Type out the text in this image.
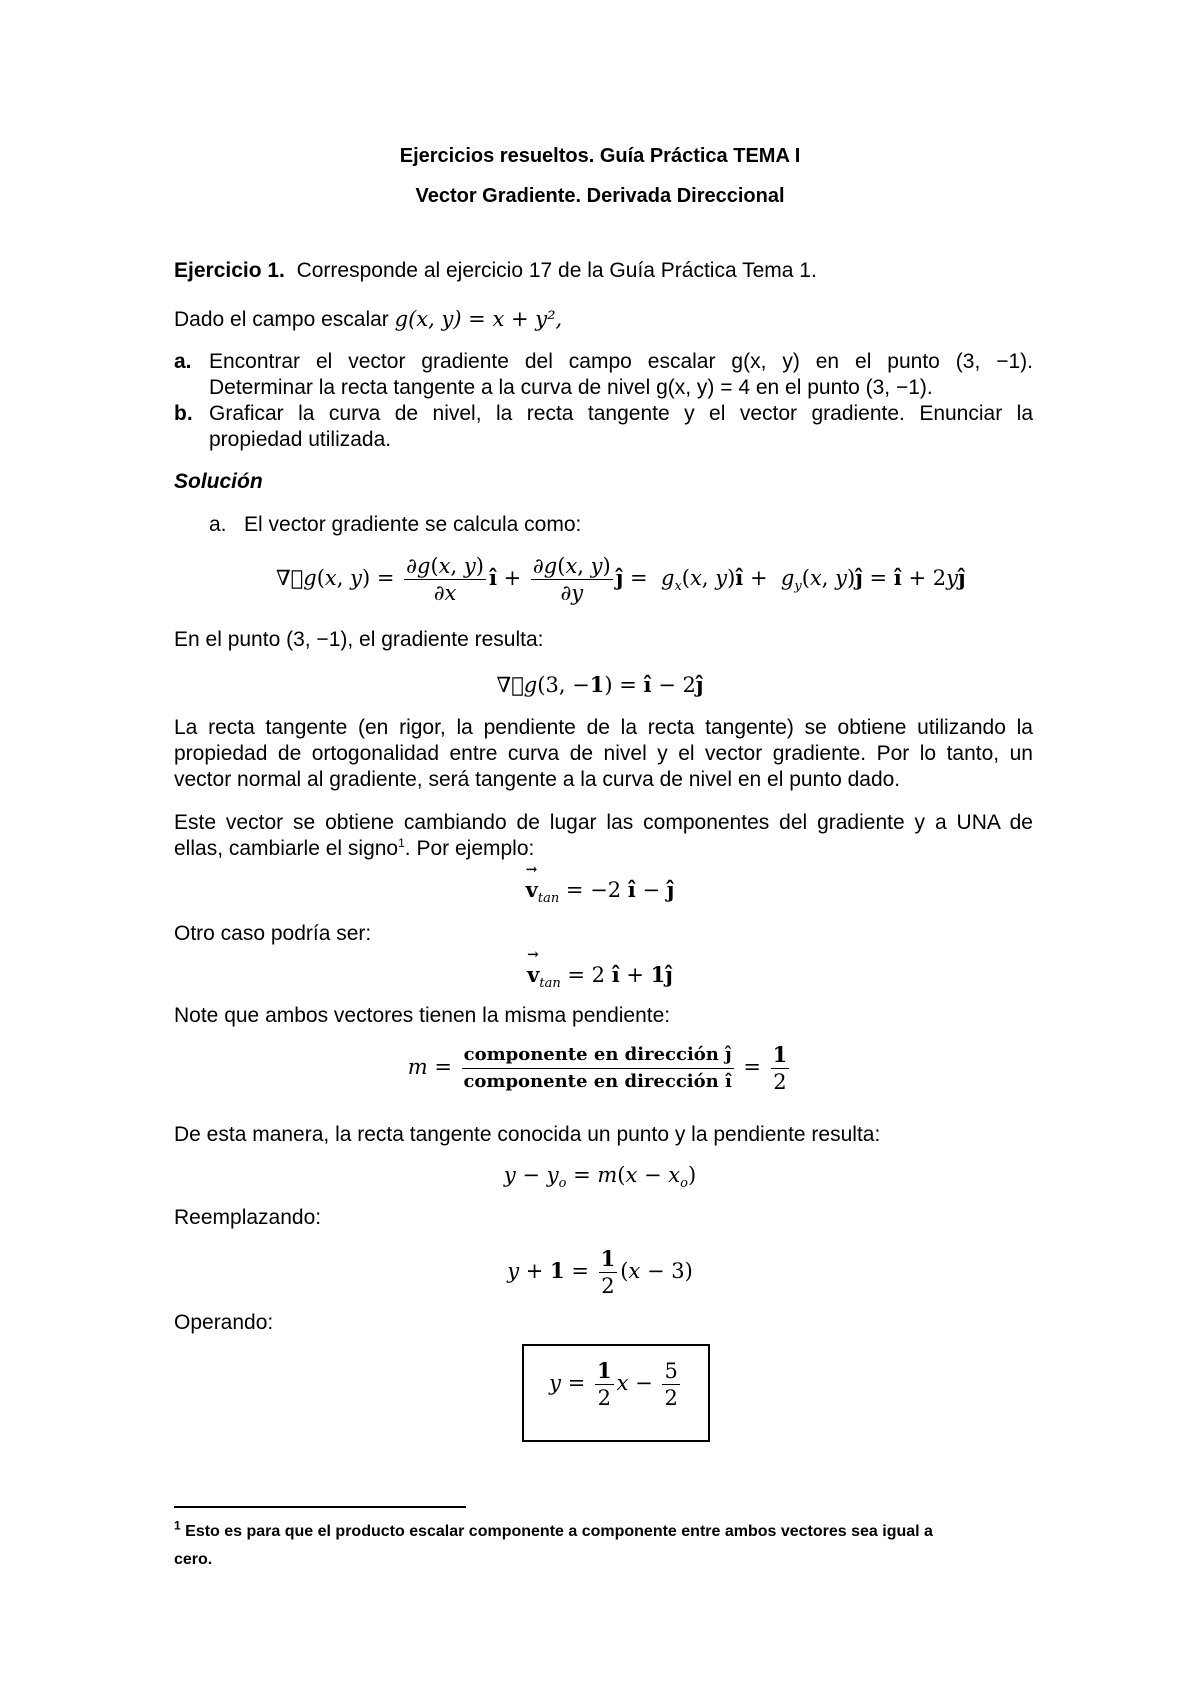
Ejercicios resueltos. Guía Práctica TEMA I
Vector Gradiente. Derivada Direccional
Ejercicio 1. Corresponde al ejercicio 17 de la Guía Práctica Tema 1.
Dado el campo escalar g(x, y) = x + y²,
a. Encontrar el vector gradiente del campo escalar g(x, y) en el punto (3, −1).
Determinar la recta tangente a la curva de nivel g(x, y) = 4 en el punto (3, −1).
b. Graficar la curva de nivel, la recta tangente y el vector gradiente. Enunciar la
propiedad utilizada.
Solución
a. El vector gradiente se calcula como:
∇⃗g(x, $y) = \frac{\partial g(x, y)}{\partial x}$ î + $\frac{\partial g(x, y)}{\partial y}$ ĵ =  $g_x(x$, y)î +  $g_y(x$, y)ĵ = î + 2yĵ
En el punto (3, −1), el gradiente resulta:
∇⃗g(3, −1) = î − 2ĵ
La recta tangente (en rigor, la pendiente de la recta tangente) se obtiene utilizando la
propiedad de ortogonalidad entre curva de nivel y el vector gradiente. Por lo tanto, un
vector normal al gradiente, será tangente a la curva de nivel en el punto dado.
Este vector se obtiene cambiando de lugar las componentes del gradiente y a UNA de
ellas, cambiarle el signo$^1$. Por ejemplo:
→ $v_{tan} = -2$ î − ĵ
Otro caso podría ser:
→ $v_{tan} = 2$ î + 1ĵ
Note que ambos vectores tienen la misma pendiente:
$m = \frac{\text{componente en dirección ĵ}}{\text{componente en dirección î}} = \frac{1}{2}$
De esta manera, la recta tangente conocida un punto y la pendiente resulta:
$y - y_o = m(x - x_o)$
Reemplazando:
$y + 1 = \frac{1}{2} (x - 3)$
Operando:
$y = \frac{1}{2}$ $x - \frac{5}{2}$
$^1$ Esto es para que el producto escalar componente a componente entre ambos vectores sea igual a
cero.
